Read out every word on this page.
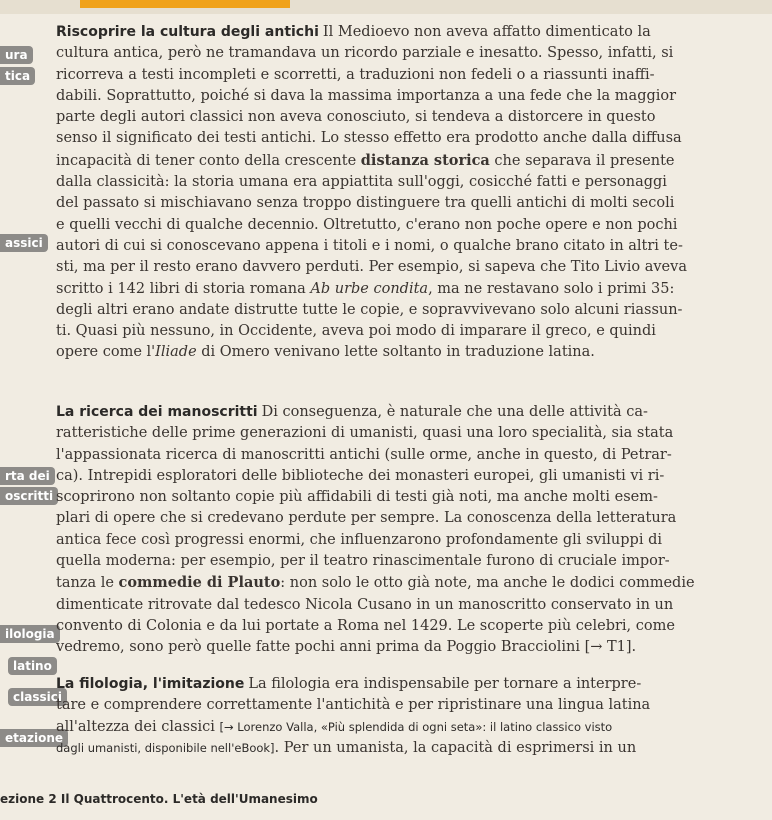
ura
tica
assici
rta dei
oscritti
ilologia
latino
classici
etazione
Riscoprire la cultura degli antichi Il Medioevo non aveva affatto dimenticato la
cultura antica, però ne tramandava un ricordo parziale e inesatto. Spesso, infatti, si
ricorreva a testi incompleti e scorretti, a traduzioni non fedeli o a riassunti inaffi-
dabili. Soprattutto, poiché si dava la massima importanza a una fede che la maggior
parte degli autori classici non aveva conosciuto, si tendeva a distorcere in questo
senso il significato dei testi antichi. Lo stesso effetto era prodotto anche dalla diffusa
incapacità di tener conto della crescente distanza storica che separava il presente
dalla classicità: la storia umana era appiattita sull'oggi, cosicché fatti e personaggi
del passato si mischiavano senza troppo distinguere tra quelli antichi di molti secoli
e quelli vecchi di qualche decennio. Oltretutto, c'erano non poche opere e non pochi
autori di cui si conoscevano appena i titoli e i nomi, o qualche brano citato in altri te-
sti, ma per il resto erano davvero perduti. Per esempio, si sapeva che Tito Livio aveva
scritto i 142 libri di storia romana Ab urbe condita, ma ne restavano solo i primi 35:
degli altri erano andate distrutte tutte le copie, e sopravvivevano solo alcuni riassun-
ti. Quasi più nessuno, in Occidente, aveva poi modo di imparare il greco, e quindi
opere come l'Iliade di Omero venivano lette soltanto in traduzione latina.
La ricerca dei manoscritti Di conseguenza, è naturale che una delle attività ca-
ratteristiche delle prime generazioni di umanisti, quasi una loro specialità, sia stata
l'appassionata ricerca di manoscritti antichi (sulle orme, anche in questo, di Petrar-
ca). Intrepidi esploratori delle biblioteche dei monasteri europei, gli umanisti vi ri-
scoprirono non soltanto copie più affidabili di testi già noti, ma anche molti esem-
plari di opere che si credevano perdute per sempre. La conoscenza della letteratura
antica fece così progressi enormi, che influenzarono profondamente gli sviluppi di
quella moderna: per esempio, per il teatro rinascimentale furono di cruciale impor-
tanza le commedie di Plauto: non solo le otto già note, ma anche le dodici commedie
dimenticate ritrovate dal tedesco Nicola Cusano in un manoscritto conservato in un
convento di Colonia e da lui portate a Roma nel 1429. Le scoperte più celebri, come
vedremo, sono però quelle fatte pochi anni prima da Poggio Bracciolini [→ T1].
La filologia, l'imitazione La filologia era indispensabile per tornare a interpre-
tare e comprendere correttamente l'antichità e per ripristinare una lingua latina
all'altezza dei classici [→ Lorenzo Valla, «Più splendida di ogni seta»: il latino classico visto
dagli umanisti, disponibile nell'eBook]. Per un umanista, la capacità di esprimersi in un
ezione 2 Il Quattrocento. L'età dell'Umanesimo
